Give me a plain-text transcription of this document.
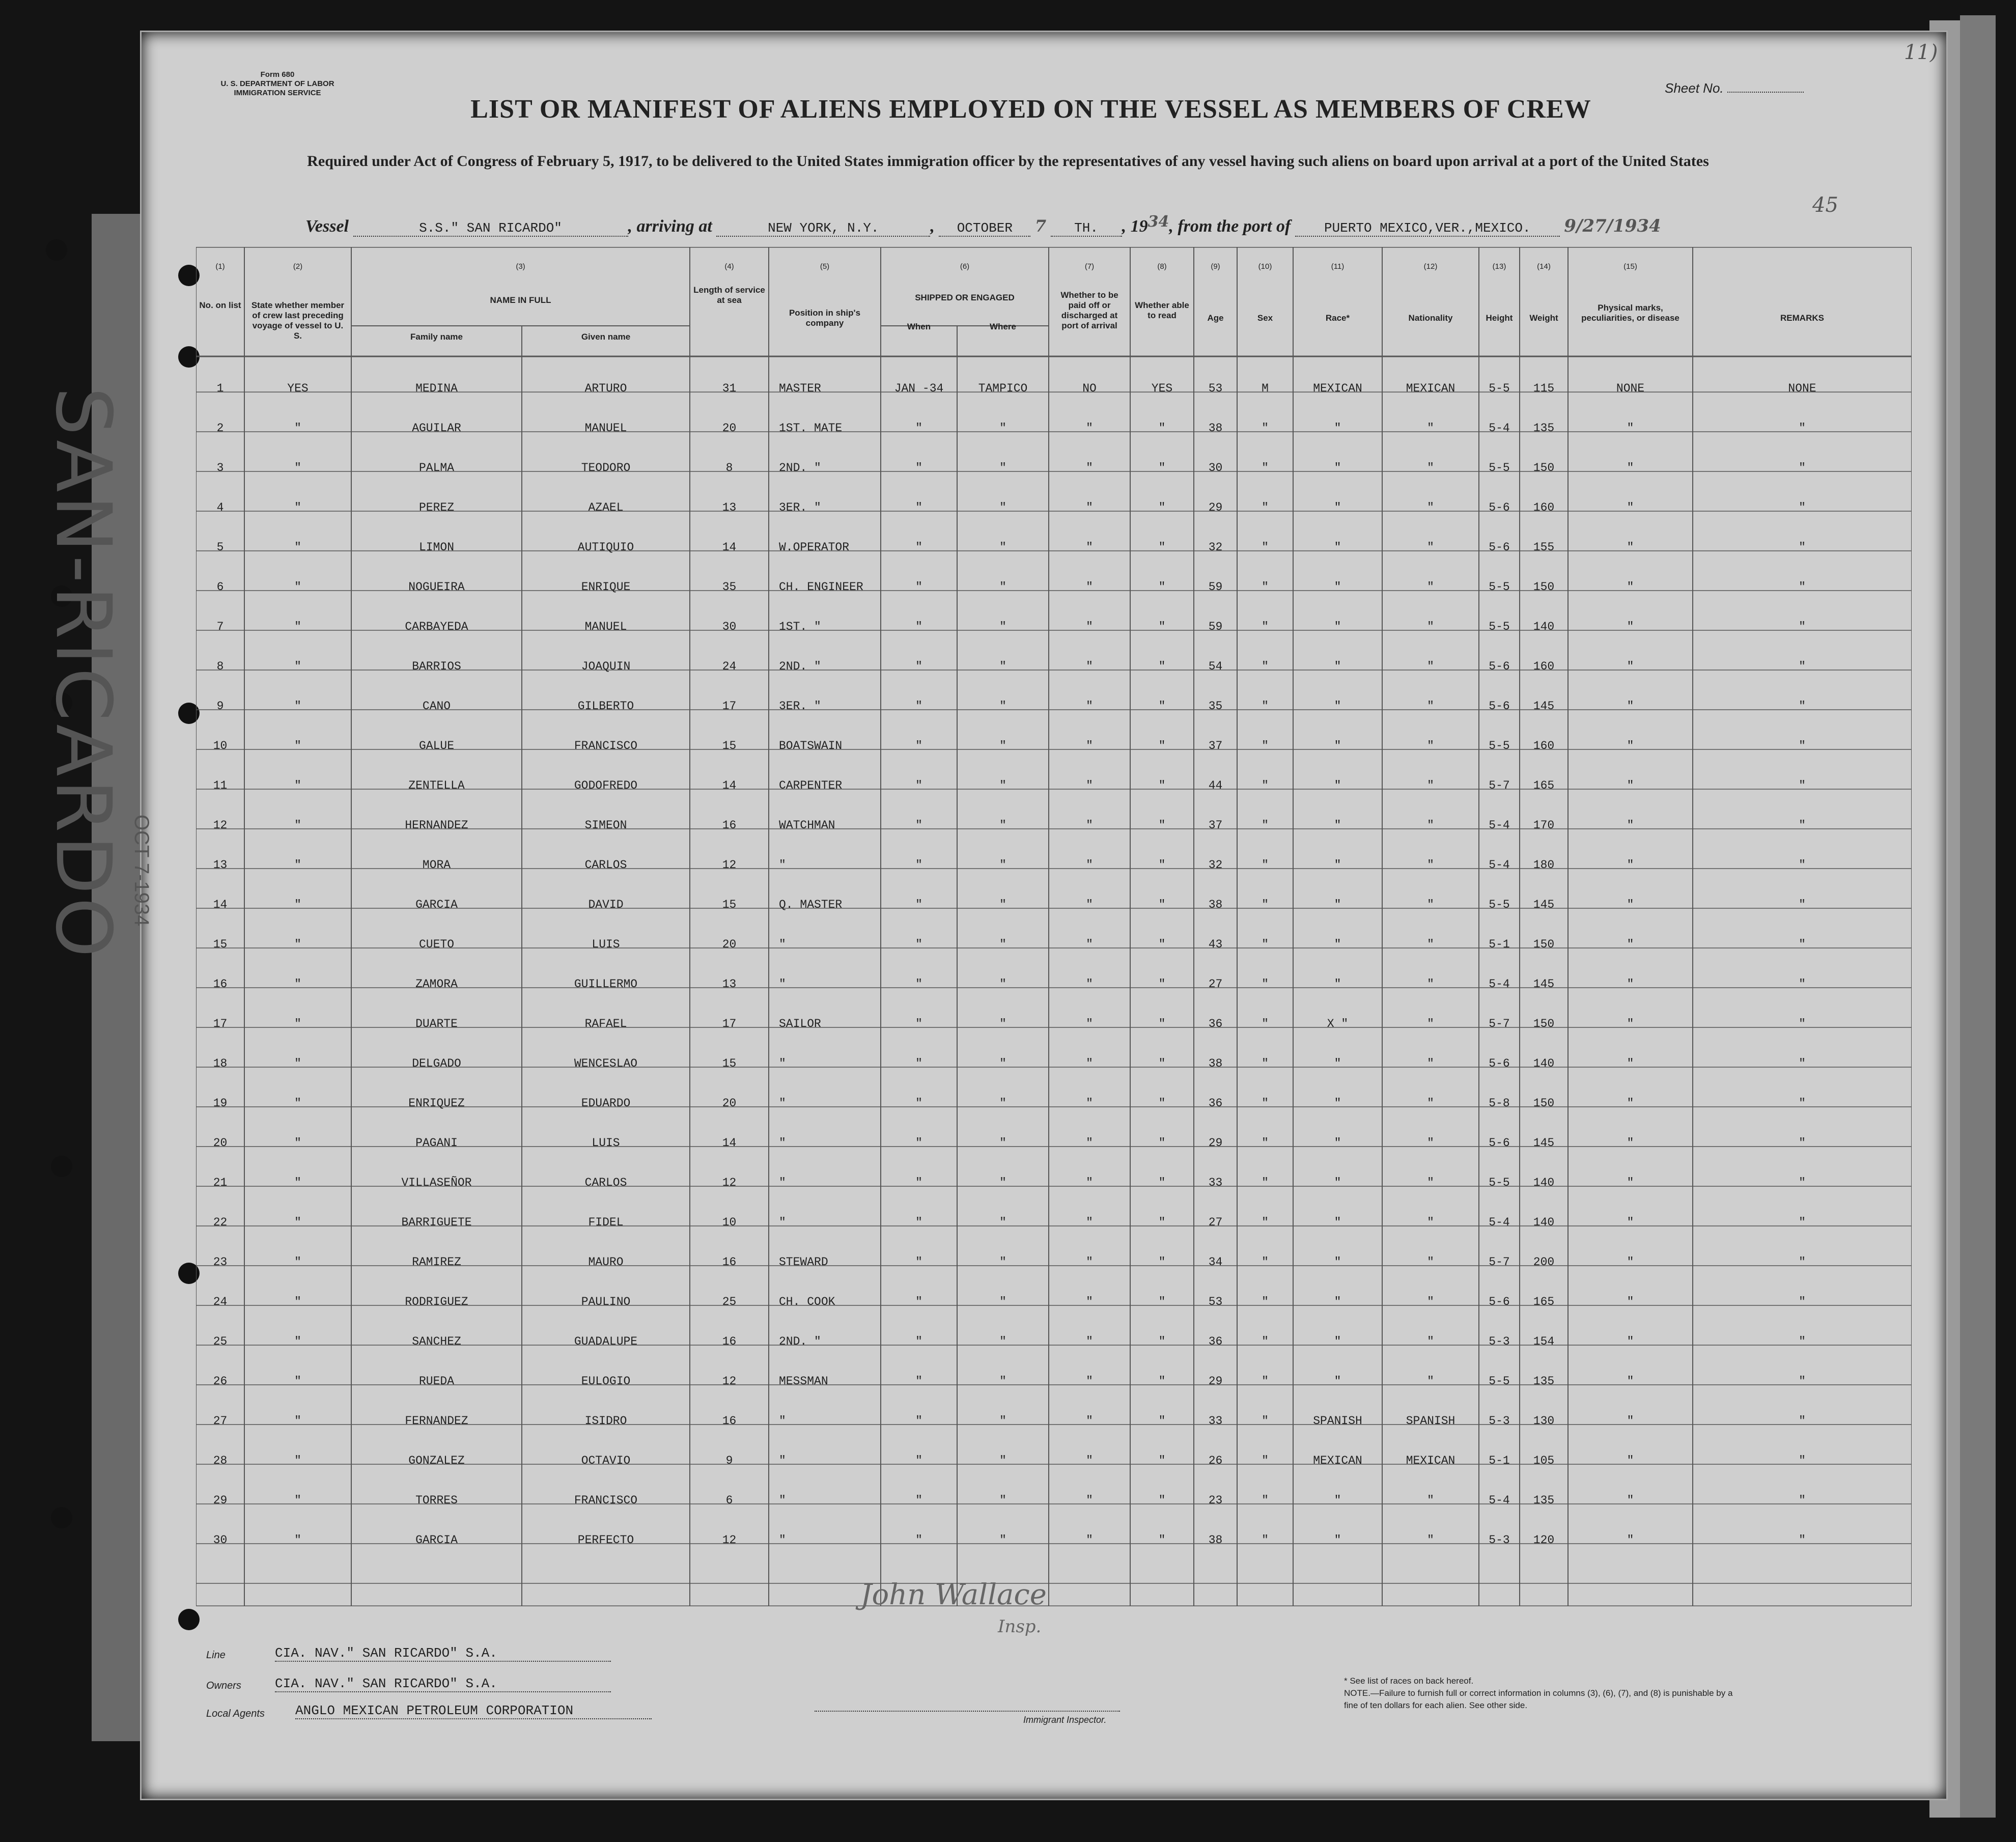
Form 680
U. S. DEPARTMENT OF LABOR
IMMIGRATION SERVICE	Sheet No.
11)
45
LIST OR MANIFEST OF ALIENS EMPLOYED ON THE VESSEL AS MEMBERS OF CREW
Required under Act of Congress of February 5, 1917, to be delivered to the United States immigration officer by the representatives of any vessel having such aliens on board upon arrival at a port of the United States
Vessel	S.S." SAN RICARDO"	, arriving at	NEW YORK, N.Y.	, OCTOBER 7 TH. , 1934, from the port of	PUERTO MEXICO,VER.,MEXICO. 9/27/1934
SAN-RICARDO OCT 7-1934
(1)
No. on list
(2)
State whether member of crew last preceding voyage of vessel to U. S.
(4)
Length of service at sea
(5)
Position in ship's company
(7)
Whether to be paid off or discharged at port of arrival
(8)
Whether able to read
(9)
Age
(10)
Sex
(11)
Race*
(12)
Nationality
(13)
Height
(14)
Weight
(15)
Physical marks, peculiarities, or disease	REMARKS
(3)
NAME IN FULL
Family name	Given name
(6)
SHIPPED OR ENGAGED
When	Where
1	YES	MEDINA	ARTURO	31	MASTER	JAN -34	TAMPICO	NO	YES	53	M	MEXICAN	MEXICAN	5-5	115	NONE	NONE
2	"	AGUILAR	MANUEL	20	1ST. MATE	"	"	"	"	38	"	"	"	5-4	135	"	"
3	"	PALMA	TEODORO	8	2ND. "	"	"	"	"	30	"	"	"	5-5	150	"	"
4	"	PEREZ	AZAEL	13	3ER. "	"	"	"	"	29	"	"	"	5-6	160	"	"
5	"	LIMON	AUTIQUIO	14	W.OPERATOR	"	"	"	"	32	"	"	"	5-6	155	"	"
6	"	NOGUEIRA	ENRIQUE	35	CH. ENGINEER	"	"	"	"	59	"	"	"	5-5	150	"	"
7	"	CARBAYEDA	MANUEL	30	1ST. "	"	"	"	"	59	"	"	"	5-5	140	"	"
8	"	BARRIOS	JOAQUIN	24	2ND. "	"	"	"	"	54	"	"	"	5-6	160	"	"
9	"	CANO	GILBERTO	17	3ER. "	"	"	"	"	35	"	"	"	5-6	145	"	"
10	"	GALUE	FRANCISCO	15	BOATSWAIN	"	"	"	"	37	"	"	"	5-5	160	"	"
11	"	ZENTELLA	GODOFREDO	14	CARPENTER	"	"	"	"	44	"	"	"	5-7	165	"	"
12	"	HERNANDEZ	SIMEON	16	WATCHMAN	"	"	"	"	37	"	"	"	5-4	170	"	"
13	"	MORA	CARLOS	12	"	"	"	"	"	32	"	"	"	5-4	180	"	"
14	"	GARCIA	DAVID	15	Q. MASTER	"	"	"	"	38	"	"	"	5-5	145	"	"
15	"	CUETO	LUIS	20	"	"	"	"	"	43	"	"	"	5-1	150	"	"
16	"	ZAMORA	GUILLERMO	13	"	"	"	"	"	27	"	"	"	5-4	145	"	"
17	"	DUARTE	RAFAEL	17	SAILOR	"	"	"	"	36	"	X "	"	5-7	150	"	"
18	"	DELGADO	WENCESLAO	15	"	"	"	"	"	38	"	"	"	5-6	140	"	"
19	"	ENRIQUEZ	EDUARDO	20	"	"	"	"	"	36	"	"	"	5-8	150	"	"
20	"	PAGANI	LUIS	14	"	"	"	"	"	29	"	"	"	5-6	145	"	"
21	"	VILLASEÑOR	CARLOS	12	"	"	"	"	"	33	"	"	"	5-5	140	"	"
22	"	BARRIGUETE	FIDEL	10	"	"	"	"	"	27	"	"	"	5-4	140	"	"
23	"	RAMIREZ	MAURO	16	STEWARD	"	"	"	"	34	"	"	"	5-7	200	"	"
24	"	RODRIGUEZ	PAULINO	25	CH. COOK	"	"	"	"	53	"	"	"	5-6	165	"	"
25	"	SANCHEZ	GUADALUPE	16	2ND. "	"	"	"	"	36	"	"	"	5-3	154	"	"
26	"	RUEDA	EULOGIO	12	MESSMAN	"	"	"	"	29	"	"	"	5-5	135	"	"
27	"	FERNANDEZ	ISIDRO	16	"	"	"	"	"	33	"	SPANISH	SPANISH	5-3	130	"	"
28	"	GONZALEZ	OCTAVIO	9	"	"	"	"	"	26	"	MEXICAN	MEXICAN	5-1	105	"	"
29	"	TORRES	FRANCISCO	6	"	"	"	"	"	23	"	"	"	5-4	135	"	"
30	"	GARCIA	PERFECTO	12	"	"	"	"	"	38	"	"	"	5-3	120	"	"
John Wallace
Insp.
Line	CIA. NAV." SAN RICARDO" S.A.
Owners	CIA. NAV." SAN RICARDO" S.A.
Local Agents ANGLO MEXICAN PETROLEUM CORPORATION
Immigrant Inspector.
* See list of races on back hereof.
NOTE.—Failure to furnish full or correct information in columns (3), (6), (7), and (8) is punishable by a fine of ten dollars for each alien. See other side.
